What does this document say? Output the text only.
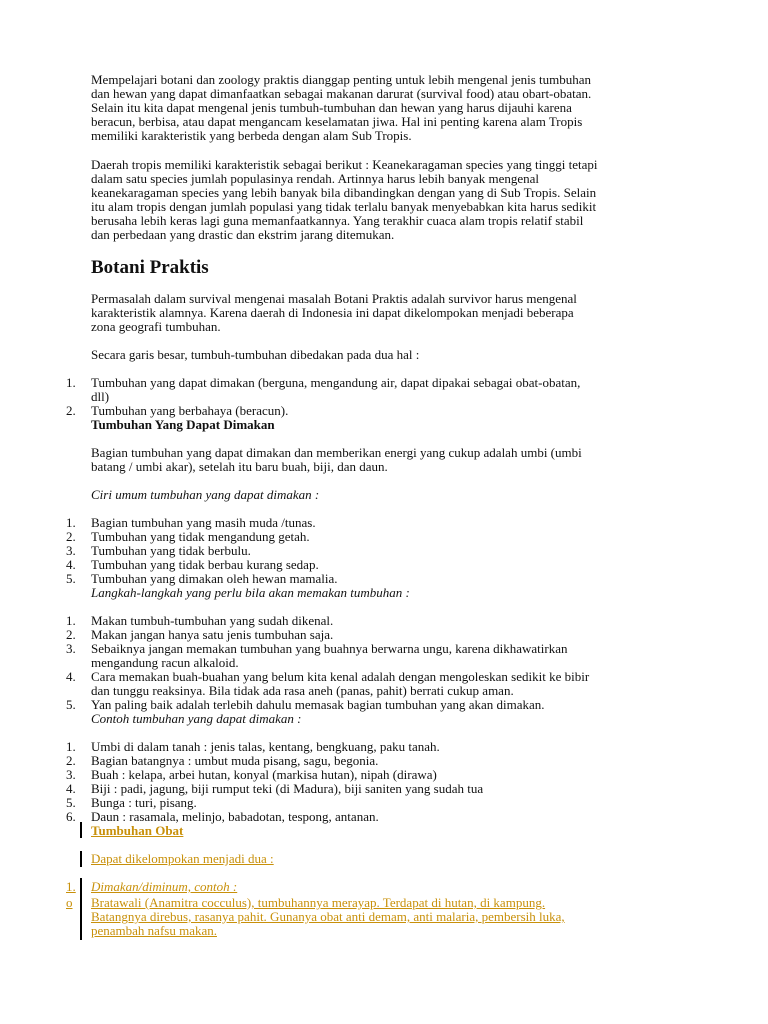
Mempelajari botani dan zoology praktis dianggap penting untuk lebih mengenal jenis tumbuhan
dan hewan yang dapat dimanfaatkan sebagai makanan darurat (survival food) atau obart-obatan.
Selain itu kita dapat mengenal jenis tumbuh-tumbuhan dan hewan yang harus dijauhi karena
beracun, berbisa, atau dapat mengancam keselamatan jiwa. Hal ini penting karena alam Tropis
memiliki karakteristik yang berbeda dengan alam Sub Tropis.
Daerah tropis memiliki karakteristik sebagai berikut : Keanekaragaman species yang tinggi tetapi
dalam satu species jumlah populasinya rendah. Artinnya harus lebih banyak mengenal
keanekaragaman species yang lebih banyak bila dibandingkan dengan yang di Sub Tropis. Selain
itu alam tropis dengan jumlah populasi yang tidak terlalu banyak menyebabkan kita harus sedikit
berusaha lebih keras lagi guna memanfaatkannya. Yang terakhir cuaca alam tropis relatif stabil
dan perbedaan yang drastic dan ekstrim jarang ditemukan.
Botani Praktis
Permasalah dalam survival mengenai masalah Botani Praktis adalah survivor harus mengenal
karakteristik alamnya. Karena daerah di Indonesia ini dapat dikelompokan menjadi beberapa
zona geografi tumbuhan.
Secara garis besar, tumbuh-tumbuhan dibedakan pada dua hal :
1.	Tumbuhan yang dapat dimakan (berguna, mengandung air, dapat dipakai sebagai obat-obatan,
dll)
2.	Tumbuhan yang berbahaya (beracun).
Tumbuhan Yang Dapat Dimakan
Bagian tumbuhan yang dapat dimakan dan memberikan energi yang cukup adalah umbi (umbi
batang / umbi akar), setelah itu baru buah, biji, dan daun.
Ciri umum tumbuhan yang dapat dimakan :
1.	Bagian tumbuhan yang masih muda /tunas.
2.	Tumbuhan yang tidak mengandung getah.
3.	Tumbuhan yang tidak berbulu.
4.	Tumbuhan yang tidak berbau kurang sedap.
5.	Tumbuhan yang dimakan oleh hewan mamalia.
Langkah-langkah yang perlu bila akan memakan tumbuhan :
1.	Makan tumbuh-tumbuhan yang sudah dikenal.
2.	Makan jangan hanya satu jenis tumbuhan saja.
3.	Sebaiknya jangan memakan tumbuhan yang buahnya berwarna ungu, karena dikhawatirkan
mengandung racun alkaloid.
4.	Cara memakan buah-buahan yang belum kita kenal adalah dengan mengoleskan sedikit ke bibir
dan tunggu reaksinya. Bila tidak ada rasa aneh (panas, pahit) berrati cukup aman.
5.	Yan paling baik adalah terlebih dahulu memasak bagian tumbuhan yang akan dimakan.
Contoh tumbuhan yang dapat dimakan :
1.	Umbi di dalam tanah : jenis talas, kentang, bengkuang, paku tanah.
2.	Bagian batangnya : umbut muda pisang, sagu, begonia.
3.	Buah : kelapa, arbei hutan, konyal (markisa hutan), nipah (dirawa)
4.	Biji : padi, jagung, biji rumput teki (di Madura), biji saniten yang sudah tua
5.	Bunga : turi, pisang.
6.	Daun : rasamala, melinjo, babadotan, tespong, antanan.
Tumbuhan Obat
Dapat dikelompokan menjadi dua :
1.	Dimakan/diminum, contoh :
o	Bratawali (Anamitra cocculus), tumbuhannya merayap. Terdapat di hutan, di kampung.
Batangnya direbus, rasanya pahit. Gunanya obat anti demam, anti malaria, pembersih luka,
penambah nafsu makan.
